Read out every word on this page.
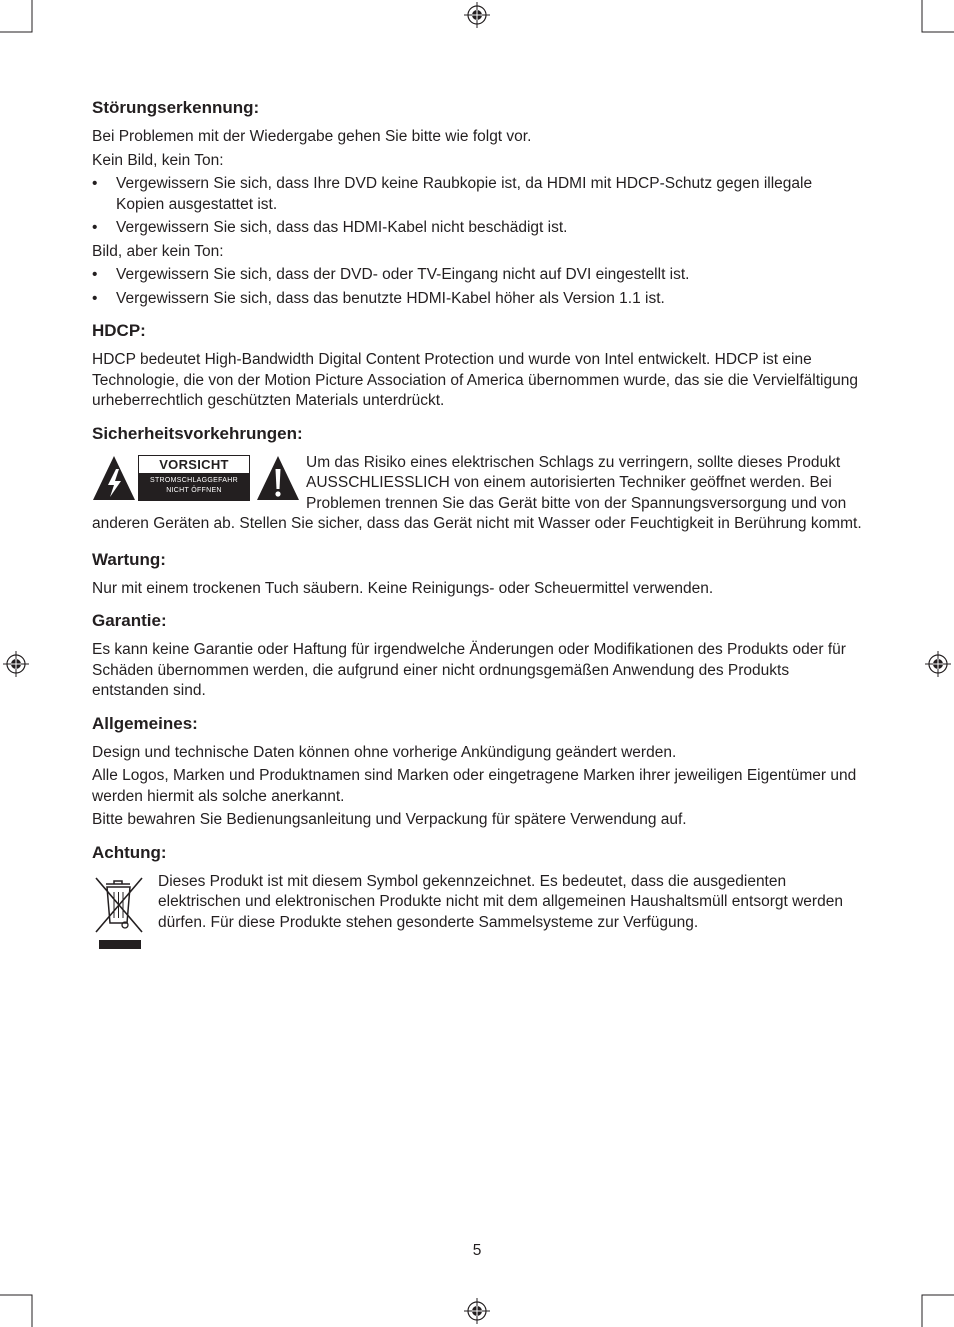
Störungserkennung:

Bei Problemen mit der Wiedergabe gehen Sie bitte wie folgt vor.

Kein Bild, kein Ton:

• Vergewissern Sie sich, dass Ihre DVD keine Raubkopie ist, da HDMI mit HDCP-Schutz gegen illegale Kopien ausgestattet ist.
• Vergewissern Sie sich, dass das HDMI-Kabel nicht beschädigt ist.

Bild, aber kein Ton:

• Vergewissern Sie sich, dass der DVD- oder TV-Eingang nicht auf DVI eingestellt ist.
• Vergewissern Sie sich, dass das benutzte HDMI-Kabel höher als Version 1.1 ist.
HDCP:

HDCP bedeutet High-Bandwidth Digital Content Protection und wurde von Intel entwickelt. HDCP ist eine Technologie, die von der Motion Picture Association of America übernommen wurde, das sie die Vervielfältigung urheberrechtlich geschützten Materials unterdrückt.

Sicherheitsvorkehrungen:
VORSICHT
STROMSCHLAGGEFAHR
NICHT ÖFFNEN

Um das Risiko eines elektrischen Schlags zu verringern, sollte dieses Produkt AUSSCHLIESSLICH von einem autorisierten Techniker geöffnet werden. Bei Problemen trennen Sie das Gerät bitte von der Spannungsversorgung und von anderen Geräten ab. Stellen Sie sicher, dass das Gerät nicht mit Wasser oder Feuchtigkeit in Berührung kommt.

Wartung:

Nur mit einem trockenen Tuch säubern. Keine Reinigungs- oder Scheuermittel verwenden.

Garantie:

Es kann keine Garantie oder Haftung für irgendwelche Änderungen oder Modifikationen des Produkts oder für Schäden übernommen werden, die aufgrund einer nicht ordnungsgemäßen Anwendung des Produkts entstanden sind.

Allgemeines:

Design und technische Daten können ohne vorherige Ankündigung geändert werden.

Alle Logos, Marken und Produktnamen sind Marken oder eingetragene Marken ihrer jeweiligen Eigentümer und werden hiermit als solche anerkannt.

Bitte bewahren Sie Bedienungsanleitung und Verpackung für spätere Verwendung auf.

Achtung:

Dieses Produkt ist mit diesem Symbol gekennzeichnet. Es bedeutet, dass die ausgedienten elektrischen und elektronischen Produkte nicht mit dem allgemeinen Haushaltsmüll entsorgt werden dürfen. Für diese Produkte stehen gesonderte Sammelsysteme zur Verfügung.

5
